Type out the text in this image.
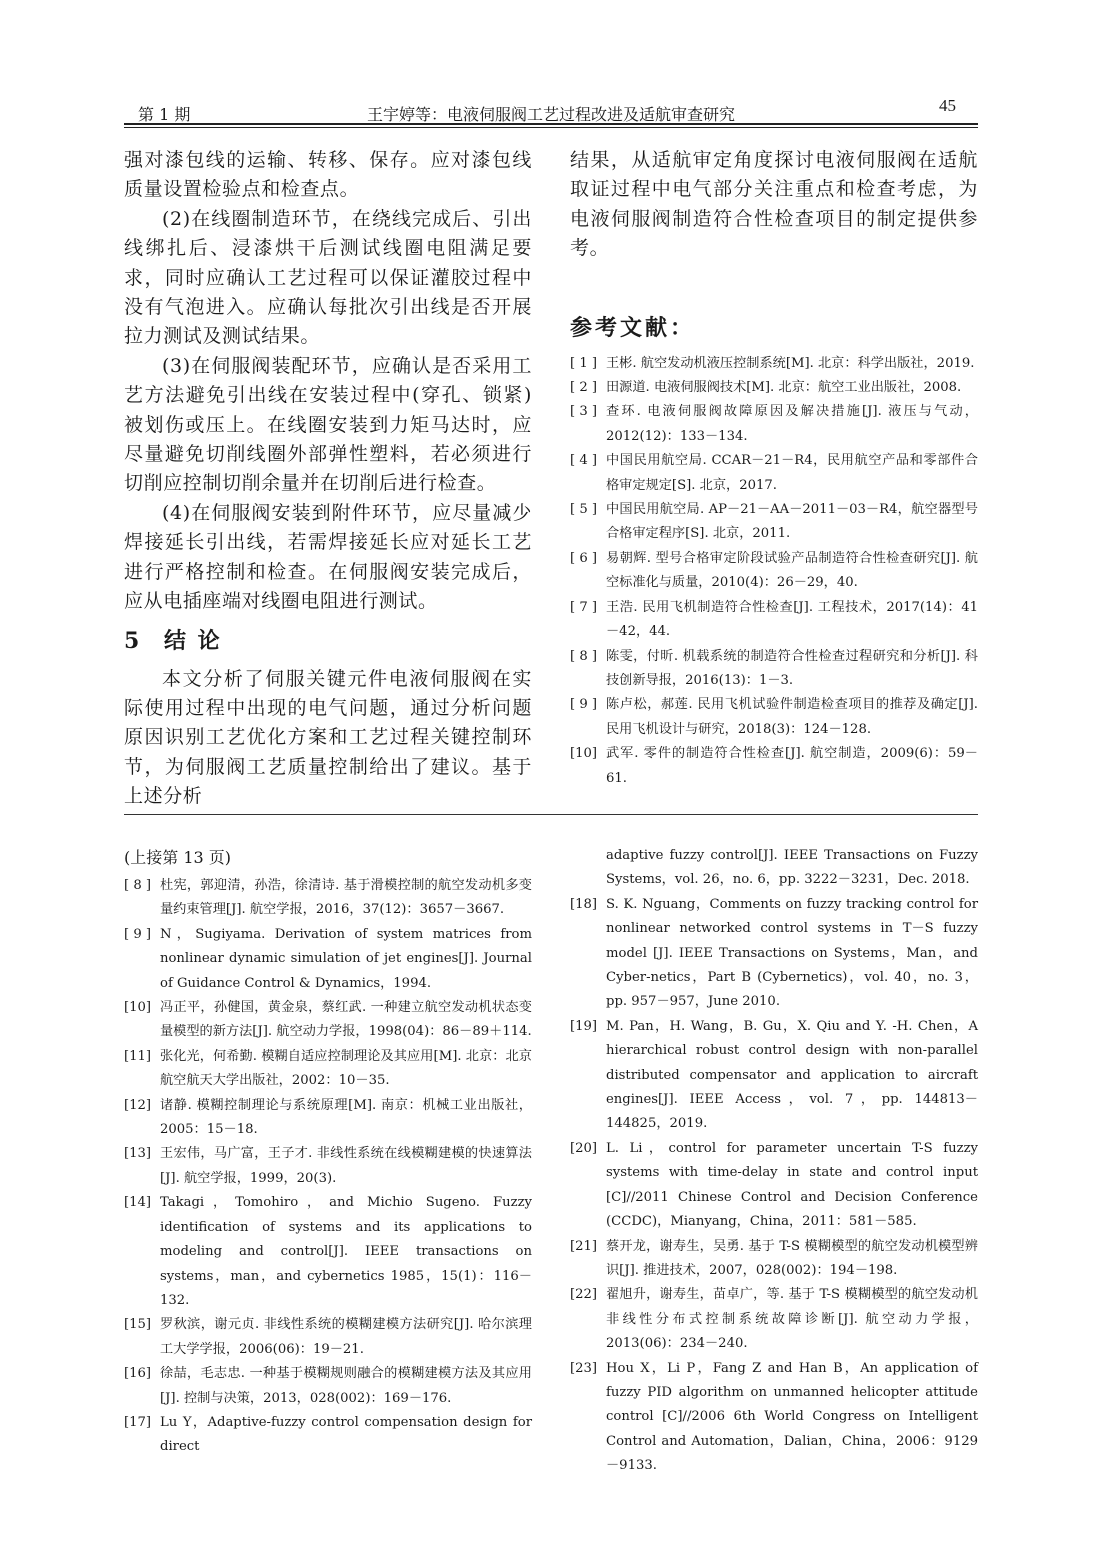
第 1 期	王宇婷等：电液伺服阀工艺过程改进及适航审查研究	45

强对漆包线的运输、转移、保存。应对漆包线质量设置检验点和检查点。

(2)在线圈制造环节，在绕线完成后、引出线绑扎后、浸漆烘干后测试线圈电阻满足要求，同时应确认工艺过程可以保证灌胶过程中没有气泡进入。应确认每批次引出线是否开展拉力测试及测试结果。

(3)在伺服阀装配环节，应确认是否采用工艺方法避免引出线在安装过程中(穿孔、锁紧)被划伤或压上。在线圈安装到力矩马达时，应尽量避免切削线圈外部弹性塑料，若必须进行切削应控制切削余量并在切削后进行检查。

(4)在伺服阀安装到附件环节，应尽量减少焊接延长引出线，若需焊接延长应对延长工艺进行严格控制和检查。在伺服阀安装完成后，应从电插座端对线圈电阻进行测试。

5 结 论

本文分析了伺服关键元件电液伺服阀在实际使用过程中出现的电气问题，通过分析问题原因识别工艺优化方案和工艺过程关键控制环节，为伺服阀工艺质量控制给出了建议。基于上述分析

结果，从适航审定角度探讨电液伺服阀在适航取证过程中电气部分关注重点和检查考虑，为电液伺服阀制造符合性检查项目的制定提供参考。

参考文献：
[ 1 ] 王彬. 航空发动机液压控制系统[M]. 北京：科学出版社，2019.
[ 2 ] 田源道. 电液伺服阀技术[M]. 北京：航空工业出版社，2008.
[ 3 ] 查环. 电液伺服阀故障原因及解决措施[J]. 液压与气动，2012(12)：133－134.
[ 4 ] 中国民用航空局. CCAR－21－R4，民用航空产品和零部件合格审定规定[S]. 北京，2017.
[ 5 ] 中国民用航空局. AP－21－AA－2011－03－R4，航空器型号合格审定程序[S]. 北京，2011.
[ 6 ] 易朝辉. 型号合格审定阶段试验产品制造符合性检查研究[J]. 航空标准化与质量，2010(4)：26－29，40.
[ 7 ] 王浩. 民用飞机制造符合性检查[J]. 工程技术，2017(14)：41－42，44.
[ 8 ] 陈雯，付昕. 机载系统的制造符合性检查过程研究和分析[J]. 科技创新导报，2016(13)：1－3.
[ 9 ] 陈卢松，郝莲. 民用飞机试验件制造检查项目的推荐及确定[J]. 民用飞机设计与研究，2018(3)：124－128.
[10] 武军. 零件的制造符合性检查[J]. 航空制造，2009(6)：59－61.

(上接第 13 页)

[ 8 ] 杜宪，郭迎清，孙浩，徐清诗. 基于滑模控制的航空发动机多变量约束管理[J]. 航空学报，2016，37(12)：3657－3667.
[ 9 ] N，Sugiyama. Derivation of system matrices from nonlinear dynamic simulation of jet engines[J]. Journal of Guidance Control & Dynamics，1994.
[10] 冯正平，孙健国，黄金泉，蔡红武. 一种建立航空发动机状态变量模型的新方法[J]. 航空动力学报，1998(04)：86－89＋114.
[11] 张化光，何希勤. 模糊自适应控制理论及其应用[M]. 北京：北京航空航天大学出版社，2002：10－35.
[12] 诸静. 模糊控制理论与系统原理[M]. 南京：机械工业出版社，2005：15－18.
[13] 王宏伟，马广富，王子才. 非线性系统在线模糊建模的快速算法[J]. 航空学报，1999，20(3).
[14] Takagi，Tomohiro，and Michio Sugeno. Fuzzy identification of systems and its applications to modeling and control[J]. IEEE transactions on systems，man，and cybernetics 1985，15(1)：116－132.
[15] 罗秋滨，谢元贞. 非线性系统的模糊建模方法研究[J]. 哈尔滨理工大学学报，2006(06)：19－21.
[16] 徐喆，毛志忠. 一种基于模糊规则融合的模糊建模方法及其应用[J]. 控制与决策，2013，028(002)：169－176.
[17] Lu Y，Adaptive-fuzzy control compensation design for direct
adaptive fuzzy control[J]. IEEE Transactions on Fuzzy Systems，vol. 26，no. 6，pp. 3222－3231，Dec. 2018.
[18] S. K. Nguang，Comments on fuzzy tracking control for nonlinear networked control systems in T－S fuzzy model [J]. IEEE Transactions on Systems，Man，and Cyber-netics，Part B (Cybernetics)，vol. 40，no. 3，pp. 957－957，June 2010.
[19] M. Pan，H. Wang，B. Gu，X. Qiu and Y. -H. Chen，A hierarchical robust control design with non-parallel distributed compensator and application to aircraft engines[J]. IEEE Access，vol. 7，pp. 144813－144825，2019.
[20] L. Li，control for parameter uncertain T-S fuzzy systems with time-delay in state and control input [C]//2011 Chinese Control and Decision Conference (CCDC)，Mianyang，China，2011：581－585.
[21] 蔡开龙，谢寿生，吴勇. 基于 T-S 模糊模型的航空发动机模型辨识[J]. 推进技术，2007，028(002)：194－198.
[22] 翟旭升，谢寿生，苗卓广，等. 基于 T-S 模糊模型的航空发动机非线性分布式控制系统故障诊断[J]. 航空动力学报，2013(06)：234－240.
[23] Hou X，Li P，Fang Z and Han B，An application of fuzzy PID algorithm on unmanned helicopter attitude control [C]//2006 6th World Congress on Intelligent Control and Automation，Dalian，China，2006：9129－9133.
